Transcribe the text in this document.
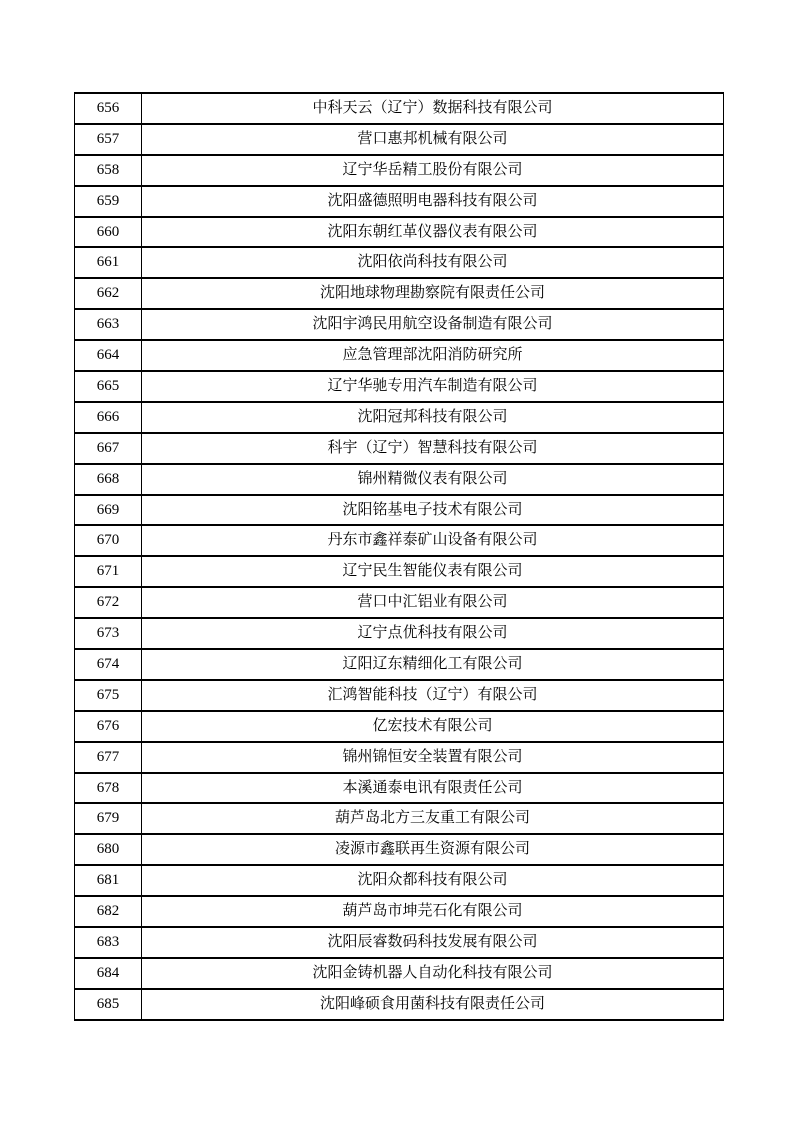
656	中科天云（辽宁）数据科技有限公司
657	营口惠邦机械有限公司
658	辽宁华岳精工股份有限公司
659	沈阳盛德照明电器科技有限公司
660	沈阳东朝红革仪器仪表有限公司
661	沈阳依尚科技有限公司
662	沈阳地球物理勘察院有限责任公司
663	沈阳宇鸿民用航空设备制造有限公司
664	应急管理部沈阳消防研究所
665	辽宁华驰专用汽车制造有限公司
666	沈阳冠邦科技有限公司
667	科宇（辽宁）智慧科技有限公司
668	锦州精微仪表有限公司
669	沈阳铭基电子技术有限公司
670	丹东市鑫祥泰矿山设备有限公司
671	辽宁民生智能仪表有限公司
672	营口中汇铝业有限公司
673	辽宁点优科技有限公司
674	辽阳辽东精细化工有限公司
675	汇鸿智能科技（辽宁）有限公司
676	亿宏技术有限公司
677	锦州锦恒安全装置有限公司
678	本溪通泰电讯有限责任公司
679	葫芦岛北方三友重工有限公司
680	凌源市鑫联再生资源有限公司
681	沈阳众都科技有限公司
682	葫芦岛市坤芫石化有限公司
683	沈阳辰睿数码科技发展有限公司
684	沈阳金铸机器人自动化科技有限公司
685	沈阳峰硕食用菌科技有限责任公司
